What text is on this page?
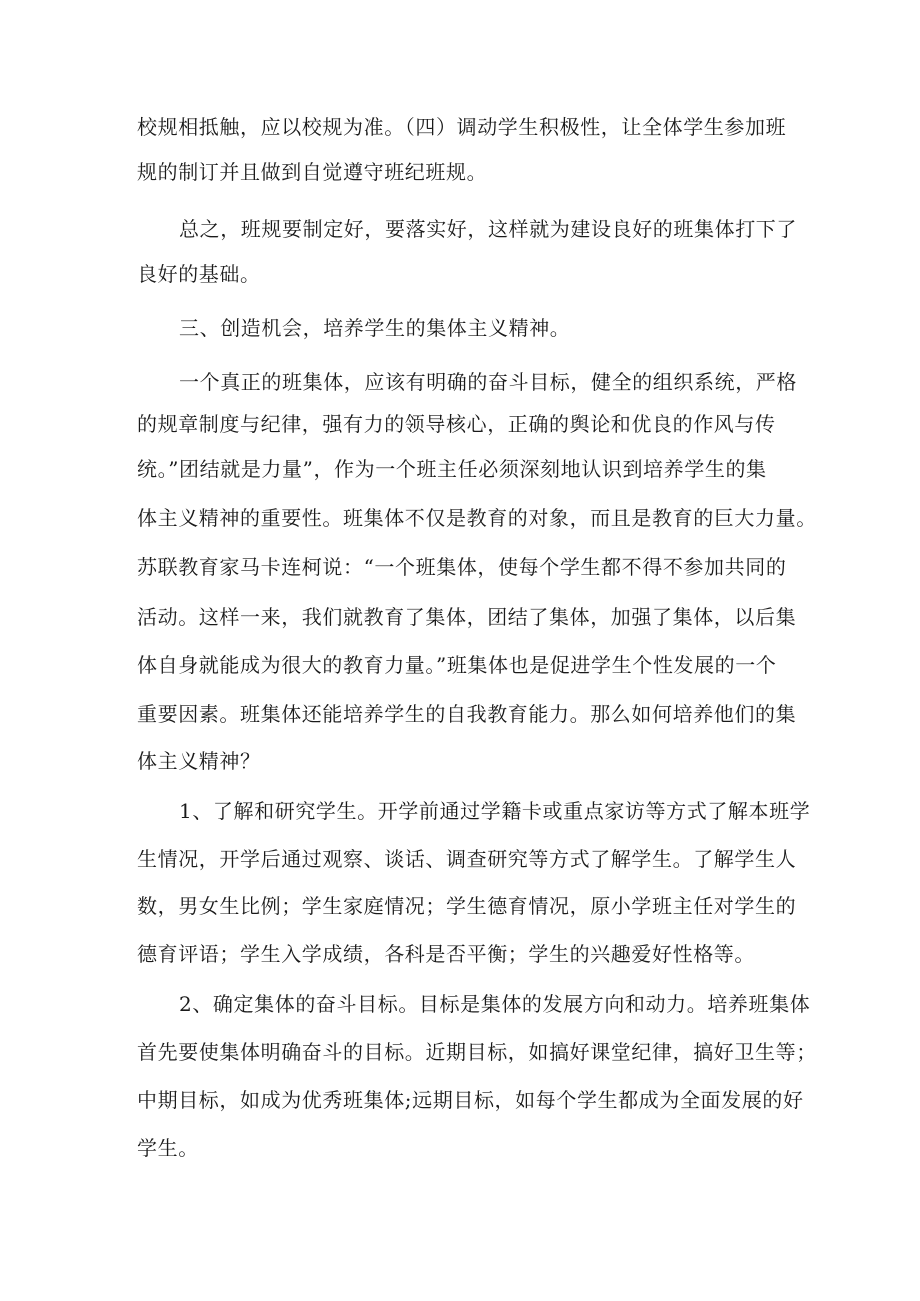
校规相抵触，应以校规为准。（四）调动学生积极性，让全体学生参加班
规的制订并且做到自觉遵守班纪班规。
总之，班规要制定好，要落实好，这样就为建设良好的班集体打下了
良好的基础。
三、创造机会，培养学生的集体主义精神。
一个真正的班集体，应该有明确的奋斗目标，健全的组织系统，严格
的规章制度与纪律，强有力的领导核心，正确的舆论和优良的作风与传
统。”团结就是力量”，作为一个班主任必须深刻地认识到培养学生的集
体主义精神的重要性。班集体不仅是教育的对象，而且是教育的巨大力量。
苏联教育家马卡连柯说：“一个班集体，使每个学生都不得不参加共同的
活动。这样一来，我们就教育了集体，团结了集体，加强了集体，以后集
体自身就能成为很大的教育力量。”班集体也是促进学生个性发展的一个
重要因素。班集体还能培养学生的自我教育能力。那么如何培养他们的集
体主义精神？
1、了解和研究学生。开学前通过学籍卡或重点家访等方式了解本班学
生情况，开学后通过观察、谈话、调查研究等方式了解学生。了解学生人
数，男女生比例；学生家庭情况；学生德育情况，原小学班主任对学生的
德育评语；学生入学成绩，各科是否平衡；学生的兴趣爱好性格等。
2、确定集体的奋斗目标。目标是集体的发展方向和动力。培养班集体
首先要使集体明确奋斗的目标。近期目标，如搞好课堂纪律，搞好卫生等；
中期目标，如成为优秀班集体;远期目标，如每个学生都成为全面发展的好
学生。
